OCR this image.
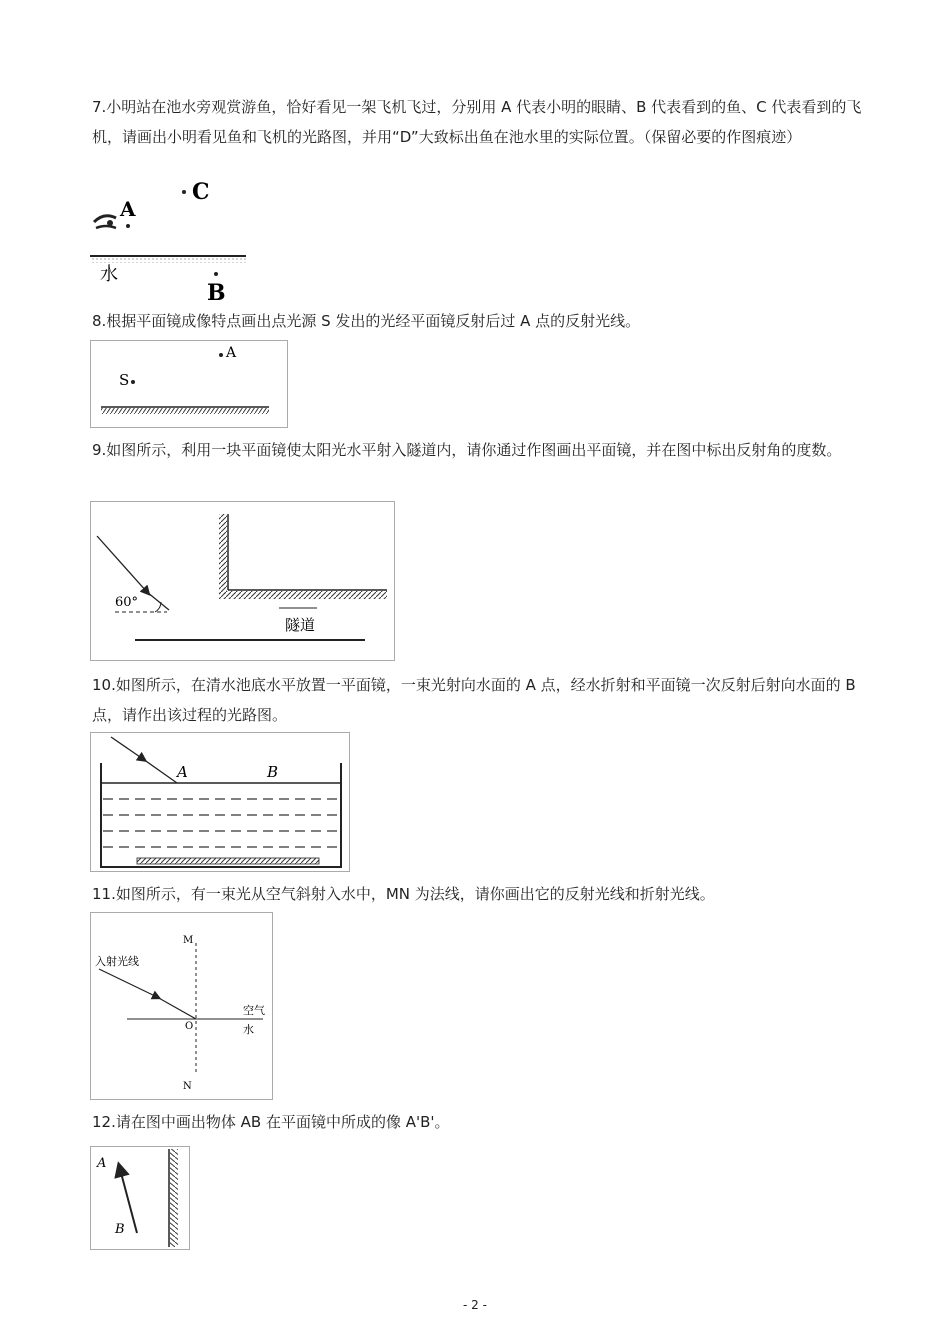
7.小明站在池水旁观赏游鱼，恰好看见一架飞机飞过，分别用 A 代表小明的眼睛、B 代表看到的鱼、C 代表看到的飞机，请画出小明看见鱼和飞机的光路图，并用“D”大致标出鱼在池水里的实际位置。（保留必要的作图痕迹）
A
C
水
B
8.根据平面镜成像特点画出点光源 S 发出的光经平面镜反射后过 A 点的反射光线。
S
A
9.如图所示，利用一块平面镜使太阳光水平射入隧道内，请你通过作图画出平面镜，并在图中标出反射角的度数。
60°
隧道
10.如图所示，在清水池底水平放置一平面镜，一束光射向水面的 A 点，经水折射和平面镜一次反射后射向水面的 B 点，请作出该过程的光路图。
A	B
11.如图所示，有一束光从空气斜射入水中，MN 为法线，请你画出它的反射光线和折射光线。
M
N
O
入射光线
空气
水
12.请在图中画出物体 AB 在平面镜中所成的像 A'B'。
A
B
- 2 -
